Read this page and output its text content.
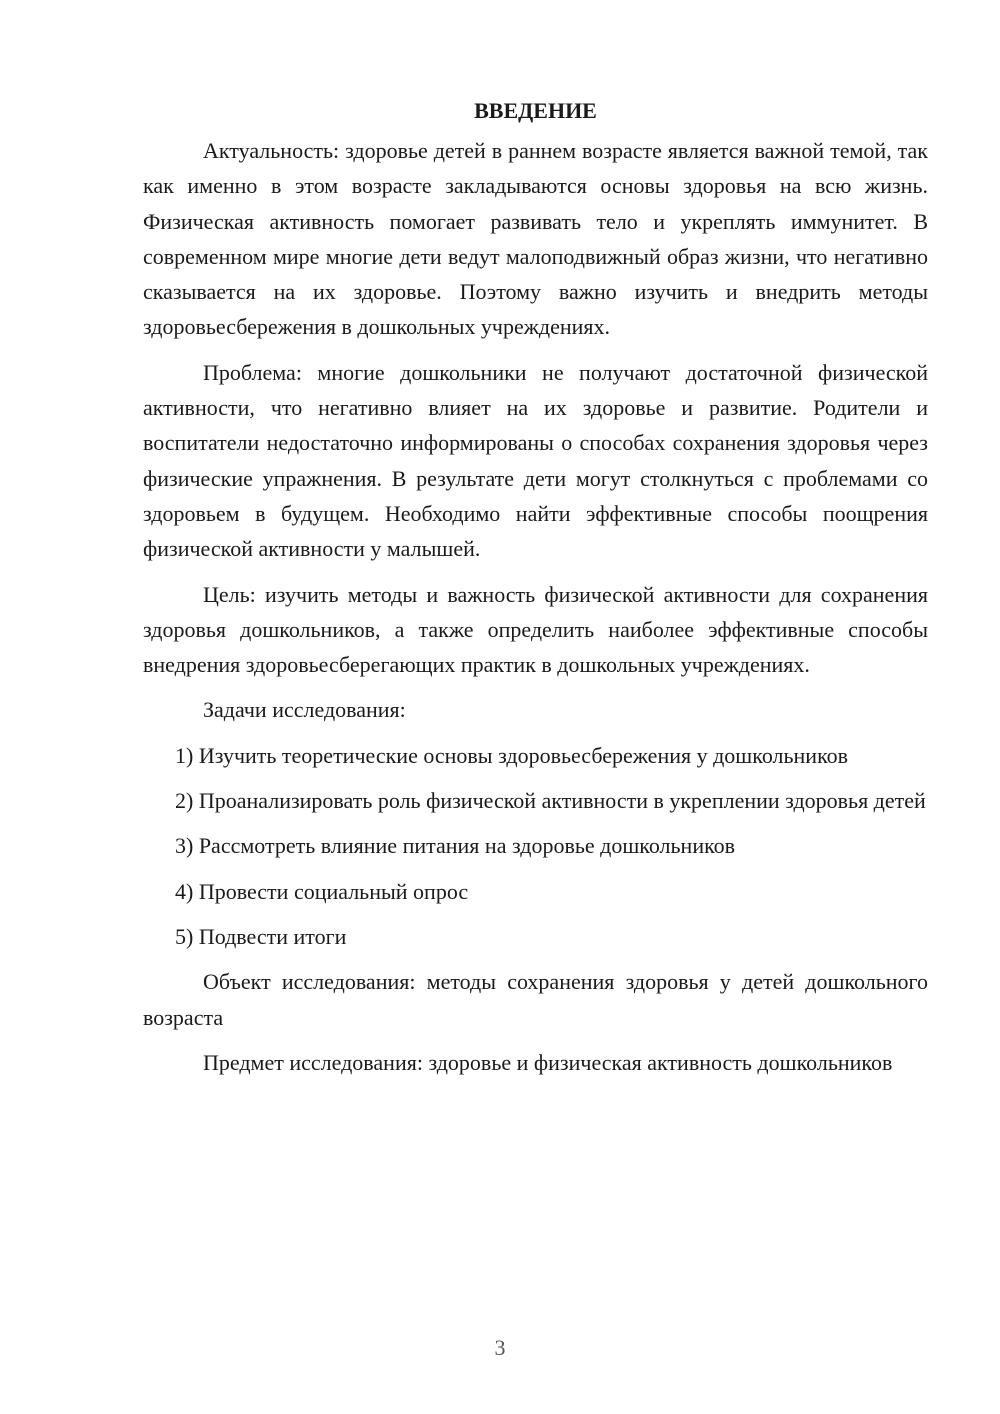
ВВЕДЕНИЕ

Актуальность: здоровье детей в раннем возрасте является важной темой, так как именно в этом возрасте закладываются основы здоровья на всю жизнь. Физическая активность помогает развивать тело и укреплять иммунитет. В современном мире многие дети ведут малоподвижный образ жизни, что негативно сказывается на их здоровье. Поэтому важно изучить и внедрить методы здоровьесбережения в дошкольных учреждениях.

Проблема: многие дошкольники не получают достаточной физической активности, что негативно влияет на их здоровье и развитие. Родители и воспитатели недостаточно информированы о способах сохранения здоровья через физические упражнения. В результате дети могут столкнуться с проблемами со здоровьем в будущем. Необходимо найти эффективные способы поощрения физической активности у малышей.

Цель: изучить методы и важность физической активности для сохранения здоровья дошкольников, а также определить наиболее эффективные способы внедрения здоровьесберегающих практик в дошкольных учреждениях.

Задачи исследования:

1) Изучить теоретические основы здоровьесбережения у дошкольников

2) Проанализировать роль физической активности в укреплении здоровья детей

3) Рассмотреть влияние питания на здоровье дошкольников

4) Провести социальный опрос

5) Подвести итоги

Объект исследования: методы сохранения здоровья у детей дошкольного возраста

Предмет исследования: здоровье и физическая активность дошкольников

3
